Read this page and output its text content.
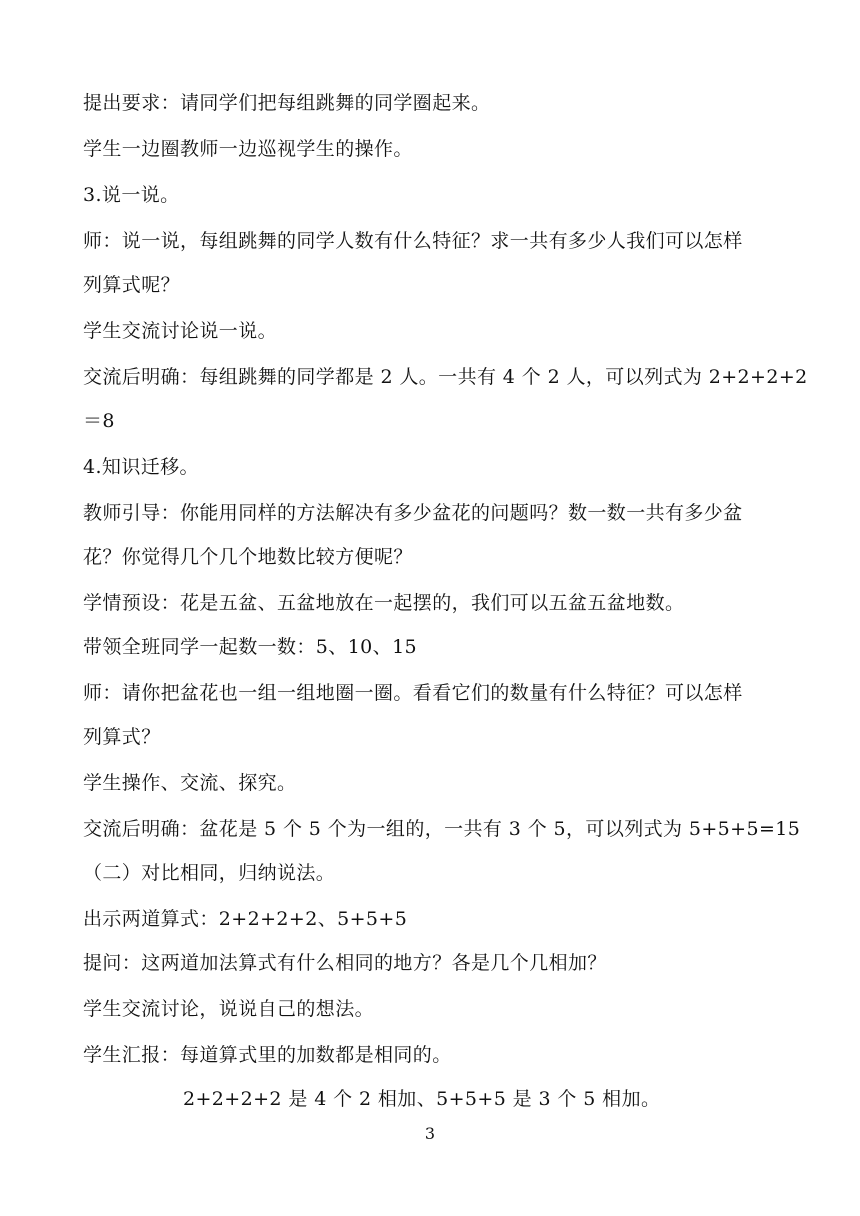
提出要求：请同学们把每组跳舞的同学圈起来。
学生一边圈教师一边巡视学生的操作。
3.说一说。
师：说一说，每组跳舞的同学人数有什么特征？求一共有多少人我们可以怎样
列算式呢？
学生交流讨论说一说。
交流后明确：每组跳舞的同学都是 2 人。一共有 4 个 2 人，可以列式为 2+2+2+2
＝8
4.知识迁移。
教师引导：你能用同样的方法解决有多少盆花的问题吗？数一数一共有多少盆
花？你觉得几个几个地数比较方便呢？
学情预设：花是五盆、五盆地放在一起摆的，我们可以五盆五盆地数。
带领全班同学一起数一数：5、10、15
师：请你把盆花也一组一组地圈一圈。看看它们的数量有什么特征？可以怎样
列算式？
学生操作、交流、探究。
交流后明确：盆花是 5 个 5 个为一组的，一共有 3 个 5，可以列式为 5+5+5=15
（二）对比相同，归纳说法。
出示两道算式：2+2+2+2、5+5+5
提问：这两道加法算式有什么相同的地方？各是几个几相加？
学生交流讨论，说说自己的想法。
学生汇报：每道算式里的加数都是相同的。
2+2+2+2 是 4 个 2 相加、5+5+5 是 3 个 5 相加。
3
